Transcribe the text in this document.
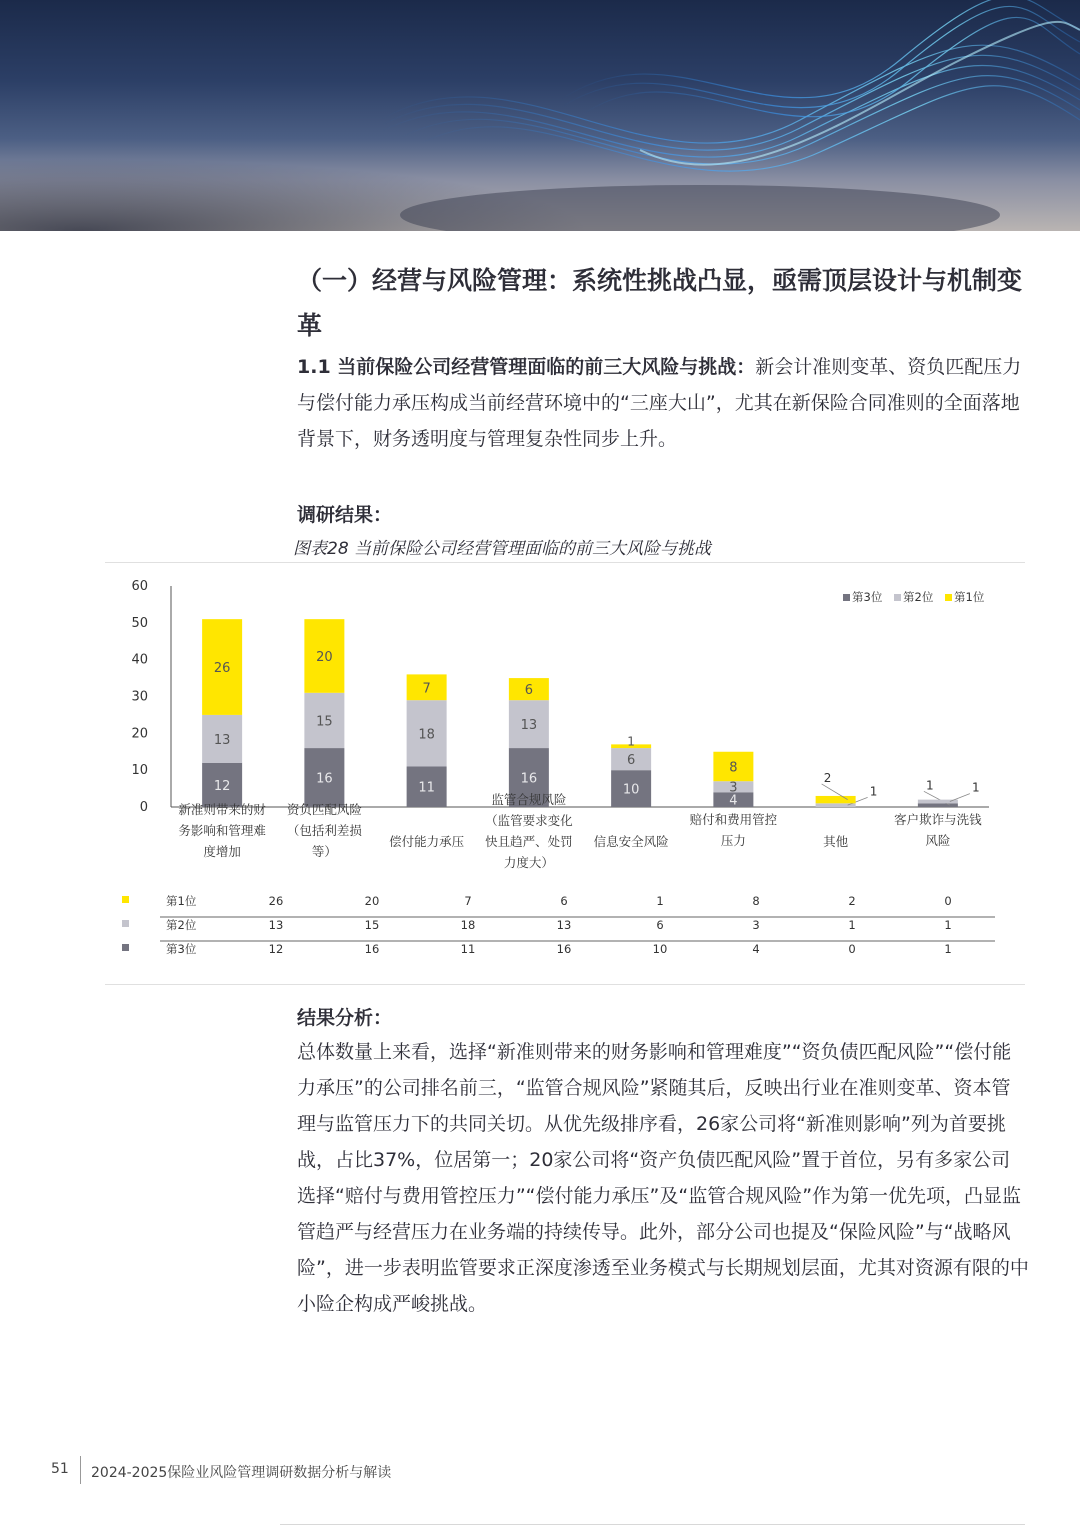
（一）经营与风险管理：系统性挑战凸显，亟需顶层设计与机制变革

1.1 当前保险公司经营管理面临的前三大风险与挑战：新会计准则变革、资负匹配压力与偿付能力承压构成当前经营环境中的“三座大山”，尤其在新保险合同准则的全面落地背景下，财务透明度与管理复杂性同步上升。

调研结果：

图表28 当前保险公司经营管理面临的前三大风险与挑战

0
10
20
30
40
50
60
12
13
26
16
15
20
11
18
7
16
13
6
10
6
1
4
3
8
1
2
1	1
新准则带来的财
务影响和管理难
度增加
资负匹配风险
（包括利差损
等）
偿付能力承压
监管合规风险
（监管要求变化
快且趋严、处罚
力度大）
信息安全风险
赔付和费用管控
压力	其他
客户欺诈与洗钱
风险
第3位 第2位 第1位
第1位	26	20	7	6	1	8	2	0
第2位	13	15	18	13	6	3	1	1
第3位	12	16	11	16	10	4	0	1

结果分析：

总体数量上来看，选择“新准则带来的财务影响和管理难度”“资负债匹配风险”“偿付能力承压”的公司排名前三，“监管合规风险”紧随其后，反映出行业在准则变革、资本管理与监管压力下的共同关切。从优先级排序看，26家公司将“新准则影响”列为首要挑战，占比37%，位居第一；20家公司将“资产负债匹配风险”置于首位，另有多家公司选择“赔付与费用管控压力”“偿付能力承压”及“监管合规风险”作为第一优先项，凸显监管趋严与经营压力在业务端的持续传导。此外，部分公司也提及“保险风险”与“战略风险”，进一步表明监管要求正深度渗透至业务模式与长期规划层面，尤其对资源有限的中小险企构成严峻挑战。

51 2024-2025保险业风险管理调研数据分析与解读
